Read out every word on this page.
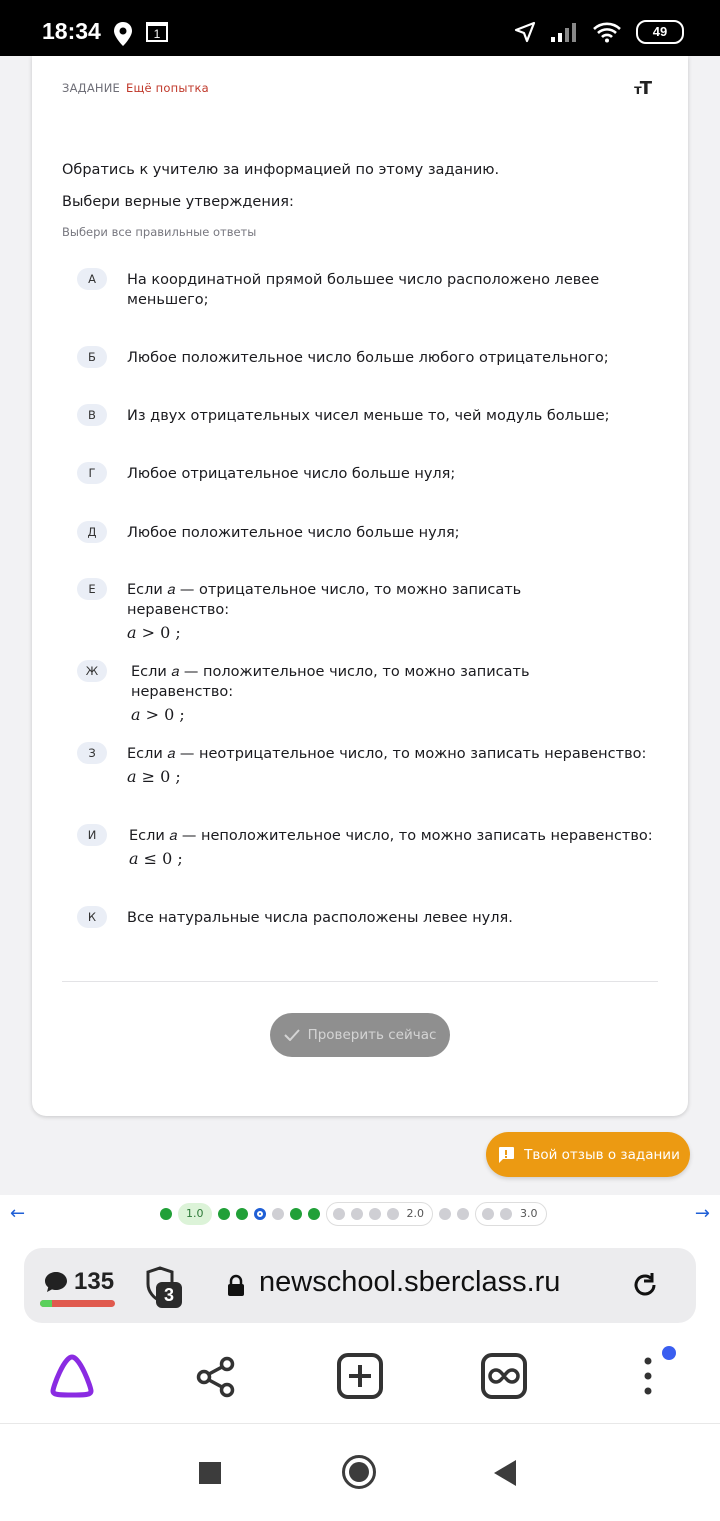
18:34	1	49
ЗАДАНИЕ Ещё попытка	тT
Обратись к учителю за информацией по этому заданию.
Выбери верные утверждения:
Выбери все правильные ответы
А	На координатной прямой большее число расположено левее меньшего;
Б	Любое положительное число больше любого отрицательного;
В	Из двух отрицательных чисел меньше то, чей модуль больше;
Г	Любое отрицательное число больше нуля;
Д	Любое положительное число больше нуля;
Е	Если 𝑎 — отрицательное число, то можно записать неравенство:
𝑎 > 0 ;
Ж	Если 𝑎 — положительное число, то можно записать неравенство:
𝑎 > 0 ;
З	Если 𝑎 — неотрицательное число, то можно записать неравенство:
𝑎 ≥ 0 ;
И	Если 𝑎 — неположительное число, то можно записать неравенство:
𝑎 ≤ 0 ;
К	Все натуральные числа расположены левее нуля.
Проверить сейчас
Твой отзыв о задании
←	1.0	2.0	3.0	→
135	3	newschool.sberclass.ru
